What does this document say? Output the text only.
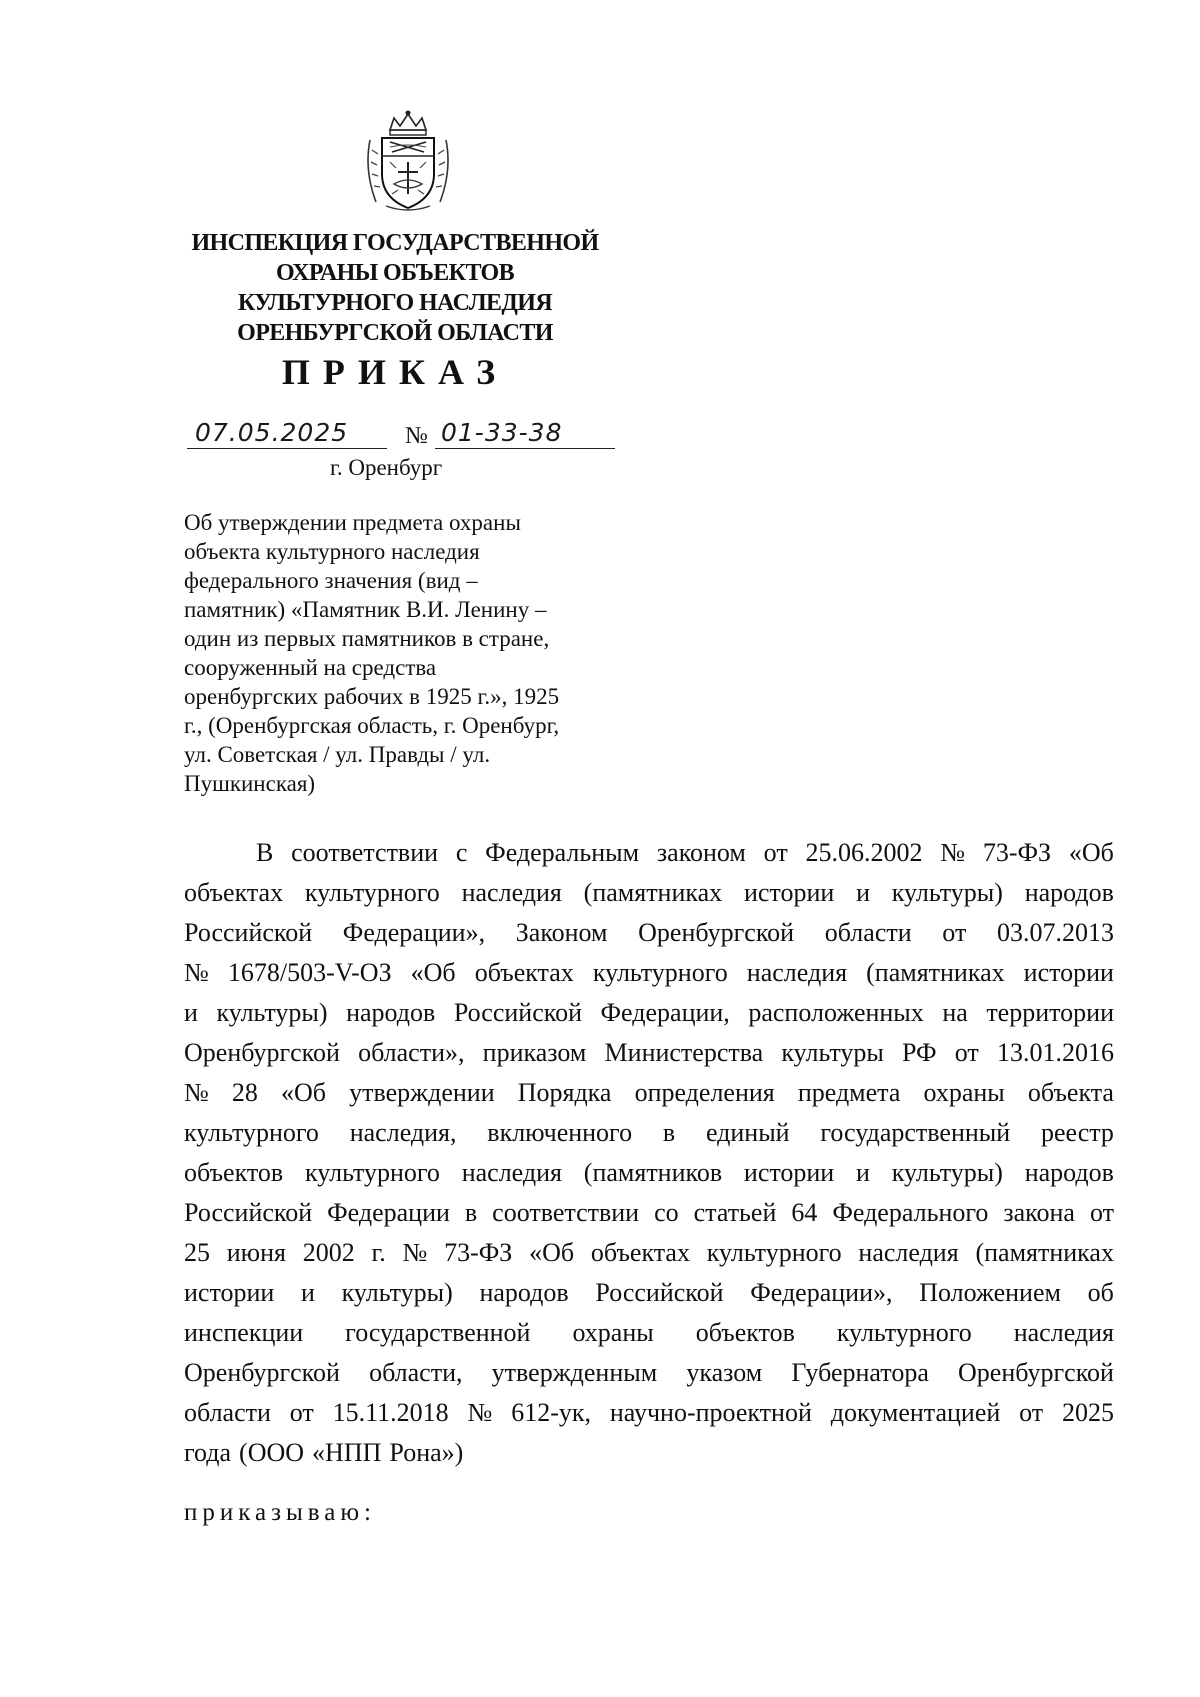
ИНСПЕКЦИЯ ГОСУДАРСТВЕННОЙ
ОХРАНЫ ОБЪЕКТОВ
КУЛЬТУРНОГО НАСЛЕДИЯ
ОРЕНБУРГСКОЙ ОБЛАСТИ
ПРИКАЗ
07.05.2025 № 01-33-38
г. Оренбург
Об утверждении предмета охраны
объекта культурного наследия
федерального значения (вид –
памятник) «Памятник В.И. Ленину –
один из первых памятников в стране,
сооруженный на средства
оренбургских рабочих в 1925 г.», 1925
г., (Оренбургская область, г. Оренбург,
ул. Советская / ул. Правды / ул.
Пушкинская)
В соответствии с Федеральным законом от 25.06.2002 № 73-ФЗ «Об
объектах культурного наследия (памятниках истории и культуры) народов
Российской Федерации», Законом Оренбургской области от 03.07.2013
№ 1678/503-V-ОЗ «Об объектах культурного наследия (памятниках истории
и культуры) народов Российской Федерации, расположенных на территории
Оренбургской области», приказом Министерства культуры РФ от 13.01.2016
№ 28 «Об утверждении Порядка определения предмета охраны объекта
культурного наследия, включенного в единый государственный реестр
объектов культурного наследия (памятников истории и культуры) народов
Российской Федерации в соответствии со статьей 64 Федерального закона от
25 июня 2002 г. № 73-ФЗ «Об объектах культурного наследия (памятниках
истории и культуры) народов Российской Федерации», Положением об
инспекции государственной охраны объектов культурного наследия
Оренбургской области, утвержденным указом Губернатора Оренбургской
области от 15.11.2018 № 612-ук, научно-проектной документацией от 2025
года (ООО «НПП Рона»)
приказываю:
